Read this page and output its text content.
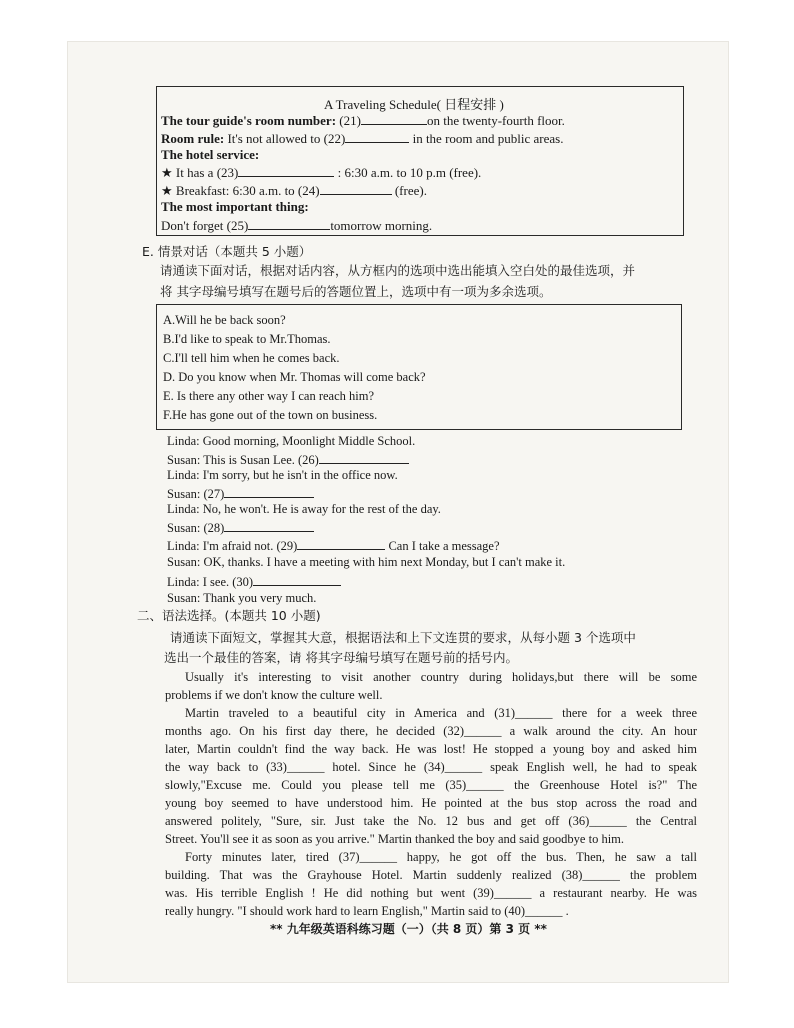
A Traveling Schedule( 日程安排 )
The tour guide's room number: (21)	on the twenty-fourth floor.
Room rule: It's not allowed to (22)	in the room and public areas.
The hotel service:
★ It has a (23)	: 6:30 a.m. to 10 p.m (free).
★ Breakfast: 6:30 a.m. to (24)	(free).
The most important thing:
Don't forget (25)	tomorrow morning.
E. 情景对话（本题共 5 小题）
请通读下面对话，根据对话内容，从方框内的选项中选出能填入空白处的最佳选项，并
将 其字母编号填写在题号后的答题位置上，选项中有一项为多余选项。
A.Will he be back soon?
B.I'd like to speak to Mr.Thomas.
C.I'll tell him when he comes back.
D. Do you know when Mr. Thomas will come back?
E. Is there any other way I can reach him?
F.He has gone out of the town on business.
Linda: Good morning, Moonlight Middle School.
Susan: This is Susan Lee. (26)
Linda: I'm sorry, but he isn't in the office now.
Susan: (27)
Linda: No, he won't. He is away for the rest of the day.
Susan: (28)
Linda: I'm afraid not. (29)	Can I take a message?
Susan: OK, thanks. I have a meeting with him next Monday, but I can't make it.
Linda: I see. (30)
Susan: Thank you very much.
二、语法选择。(本题共 10 小题)
请通读下面短文，掌握其大意，根据语法和上下文连贯的要求，从每小题 3 个选项中
选出一个最佳的答案，请 将其字母编号填写在题号前的括号内。
Usually it's interesting to visit another country during holidays,but there will be some
problems if we don't know the culture well.
Martin traveled to a beautiful city in America and (31)______ there for a week three
months ago. On his first day there, he decided (32)______ a walk around the city. An hour
later, Martin couldn't find the way back. He was lost! He stopped a young boy and asked him
the way back to (33)______ hotel. Since he (34)______ speak English well, he had to speak
slowly,"Excuse me. Could you please tell me (35)______ the Greenhouse Hotel is?" The
young boy seemed to have understood him. He pointed at the bus stop across the road and
answered politely, "Sure, sir. Just take the No. 12 bus and get off (36)______ the Central
Street. You'll see it as soon as you arrive." Martin thanked the boy and said goodbye to him.
Forty minutes later, tired (37)______ happy, he got off the bus. Then, he saw a tall
building. That was the Grayhouse Hotel. Martin suddenly realized (38)______ the problem
was. His terrible English ! He did nothing but went (39)______ a restaurant nearby. He was
really hungry. "I should work hard to learn English," Martin said to (40)______ .
** 九年级英语科练习题（一）（共 8 页）第 3 页 **
